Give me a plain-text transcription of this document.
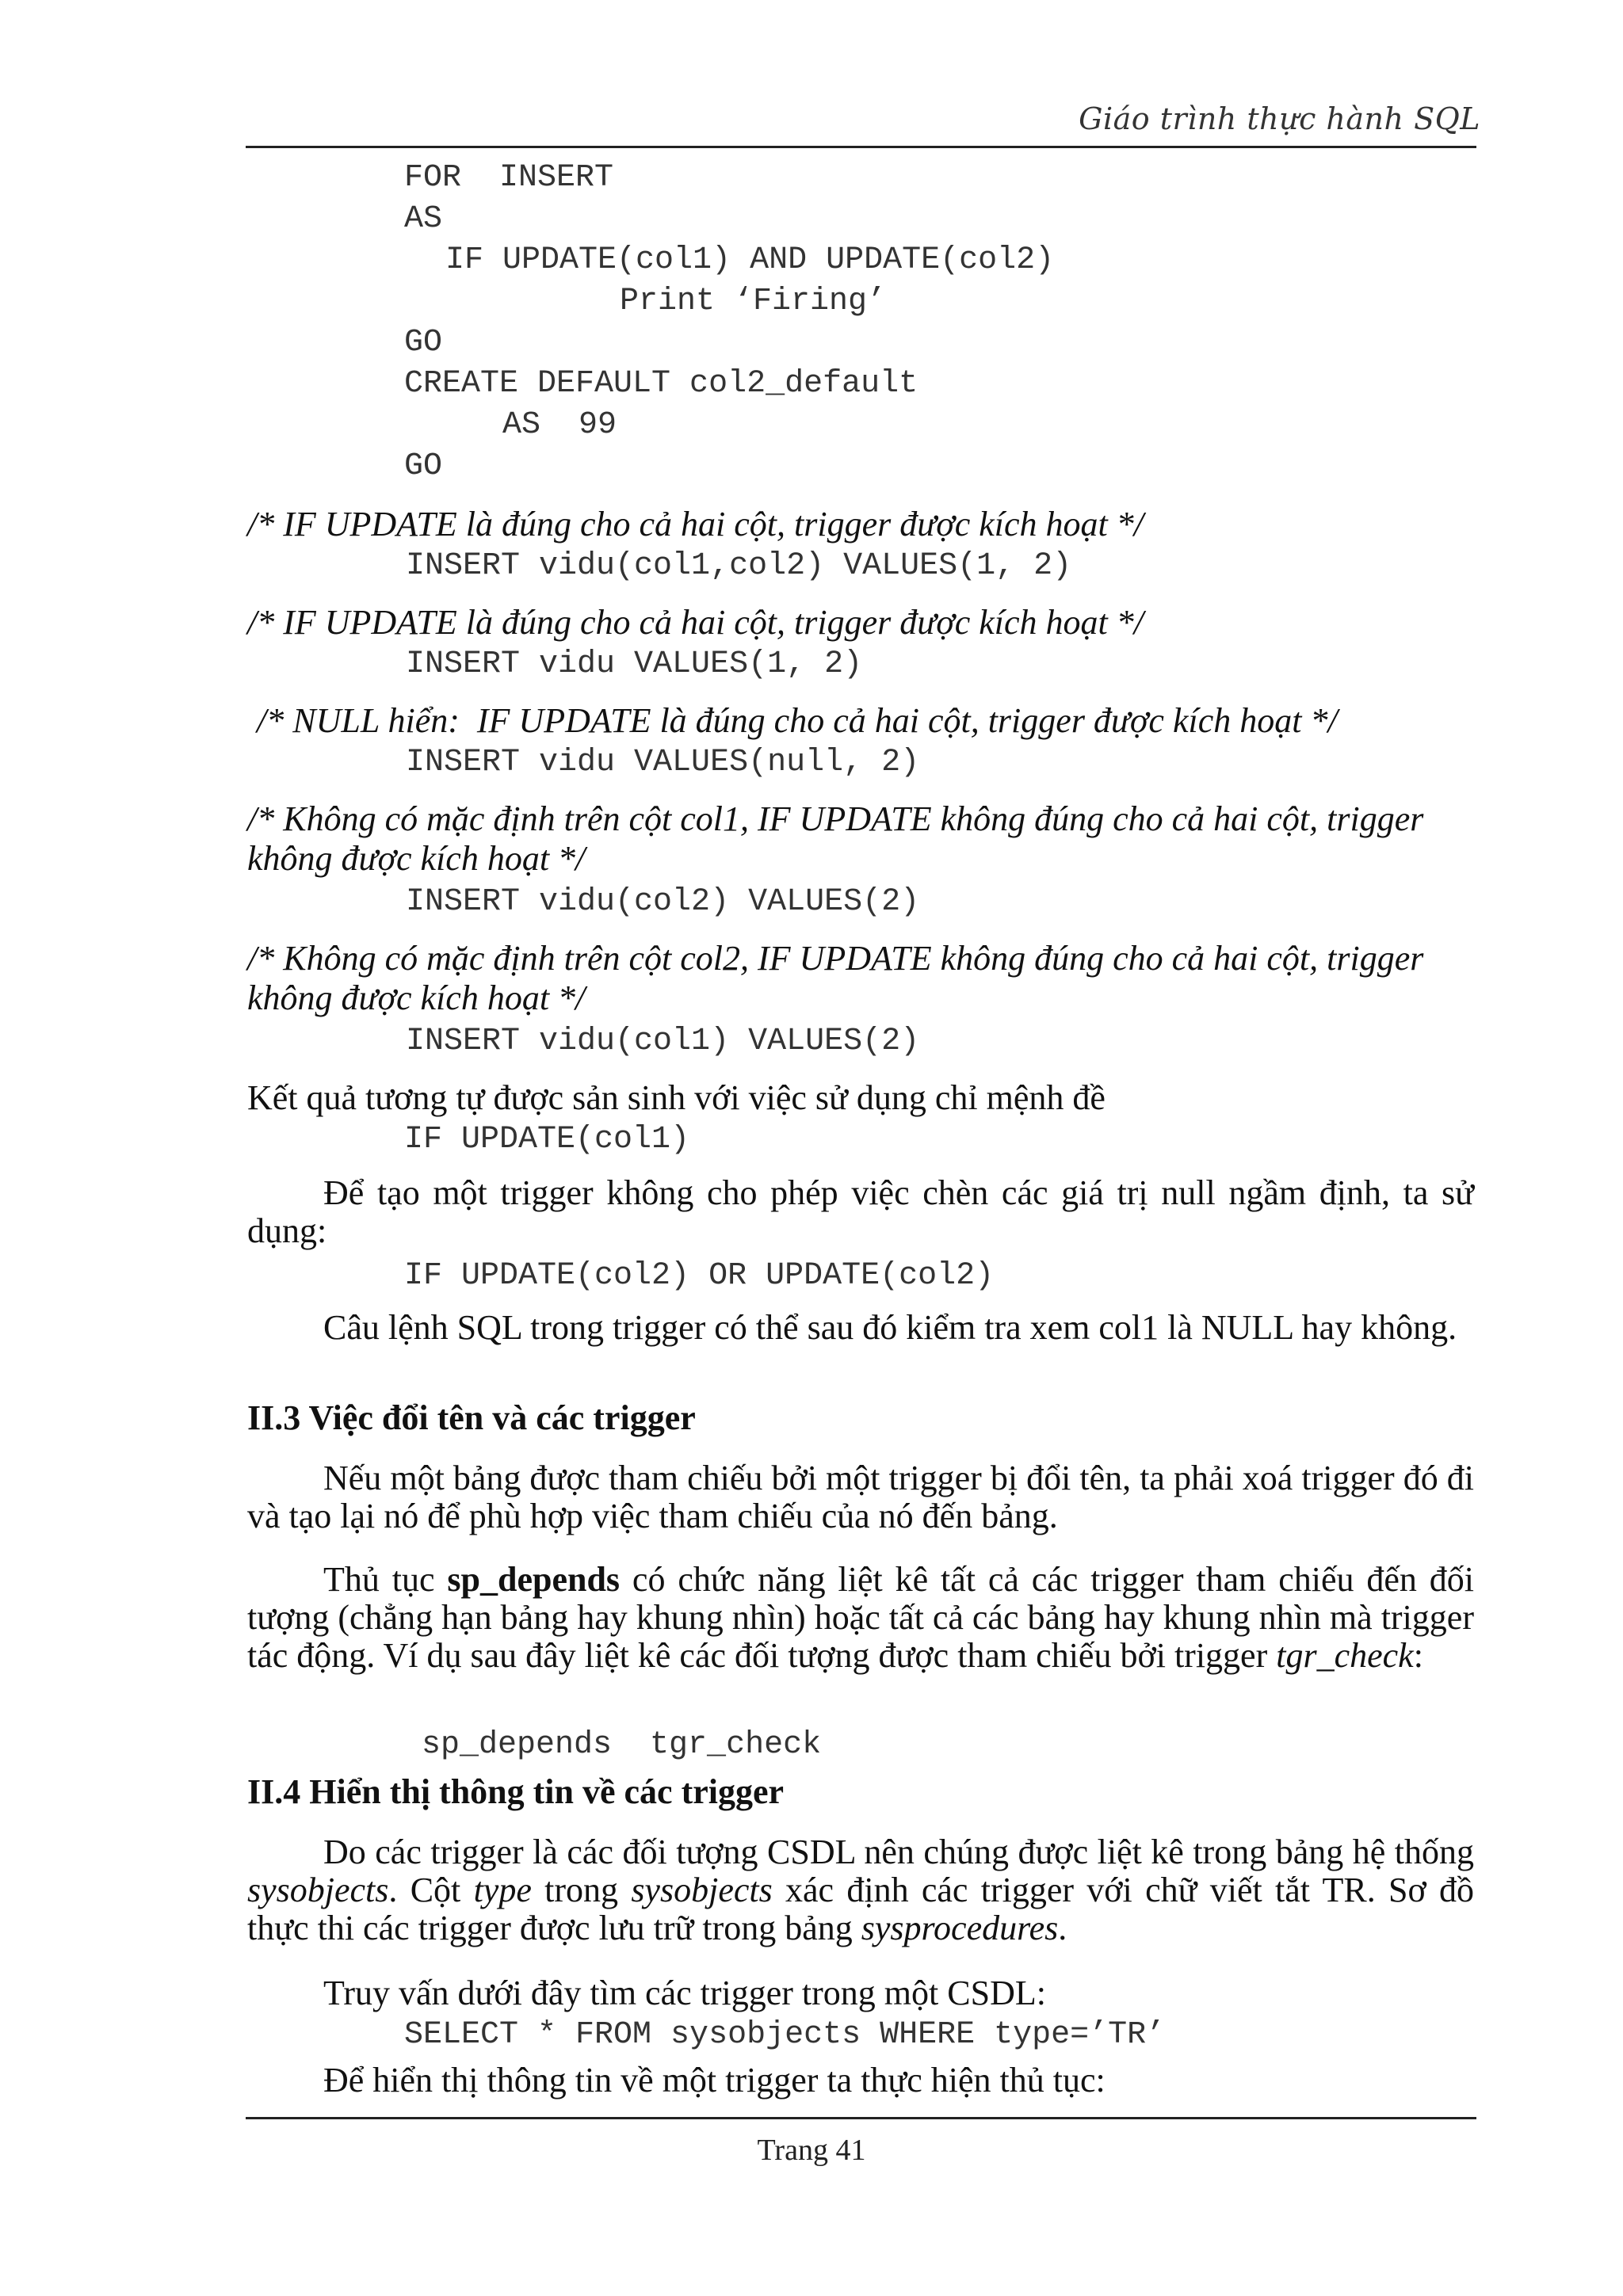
Giáo trình thực hành SQL
FOR  INSERT
AS
IF UPDATE(col1) AND UPDATE(col2)
Print ‘Firing’
GO
CREATE DEFAULT col2_default
AS  99
GO
/* IF UPDATE là đúng cho cả hai cột, trigger được kích hoạt */
INSERT vidu(col1,col2) VALUES(1, 2)
/* IF UPDATE là đúng cho cả hai cột, trigger được kích hoạt */
INSERT vidu VALUES(1, 2)
/* NULL hiển:  IF UPDATE là đúng cho cả hai cột, trigger được kích hoạt */
INSERT vidu VALUES(null, 2)
/* Không có mặc định trên cột col1, IF UPDATE không đúng cho cả hai cột, trigger
không được kích hoạt */
INSERT vidu(col2) VALUES(2)
/* Không có mặc định trên cột col2, IF UPDATE không đúng cho cả hai cột, trigger
không được kích hoạt */
INSERT vidu(col1) VALUES(2)
Kết quả tương tự được sản sinh với việc sử dụng chỉ mệnh đề
IF UPDATE(col1)
Để tạo một trigger không cho phép việc chèn các giá trị null ngầm định, ta sử dụng:
IF UPDATE(col2) OR UPDATE(col2)
Câu lệnh SQL trong trigger có thể sau đó kiểm tra xem col1 là NULL hay không.
II.3 Việc đổi tên và các trigger
Nếu một bảng được tham chiếu bởi một trigger bị đổi tên, ta phải xoá trigger đó đi và tạo lại nó để phù hợp việc tham chiếu của nó đến bảng.
Thủ tục sp_depends có chức năng liệt kê tất cả các trigger tham chiếu đến đối tượng (chẳng hạn bảng hay khung nhìn) hoặc tất cả các bảng hay khung nhìn mà trigger tác động. Ví dụ sau đây liệt kê các đối tượng được tham chiếu bởi trigger tgr_check:
sp_depends  tgr_check
II.4 Hiển thị thông tin về các trigger
Do các trigger là các đối tượng CSDL nên chúng được liệt kê trong bảng hệ thống sysobjects. Cột type trong sysobjects xác định các trigger với chữ viết tắt TR. Sơ đồ thực thi các trigger được lưu trữ trong bảng sysprocedures.
Truy vấn dưới đây tìm các trigger trong một CSDL:
SELECT * FROM sysobjects WHERE type=’TR’
Để hiển thị thông tin về một trigger ta thực hiện thủ tục:
Trang 41
